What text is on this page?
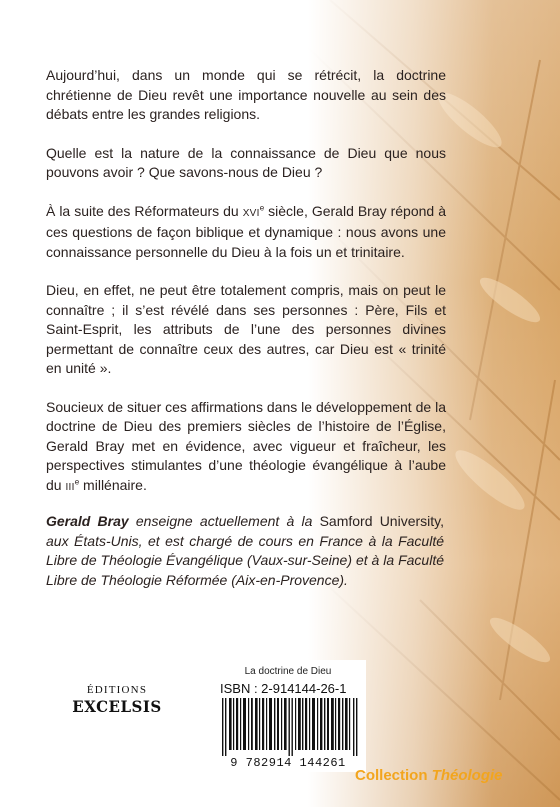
Aujourd’hui, dans un monde qui se rétrécit, la doctrine chrétienne de Dieu revêt une importance nouvelle au sein des débats entre les grandes religions.

Quelle est la nature de la connaissance de Dieu que nous pouvons avoir ? Que savons-nous de Dieu ?

À la suite des Réformateurs du XVIe siècle, Gerald Bray répond à ces questions de façon biblique et dynamique : nous avons une connaissance personnelle du Dieu à la fois un et trinitaire.

Dieu, en effet, ne peut être totalement compris, mais on peut le connaître ; il s’est révélé dans ses personnes : Père, Fils et Saint-Esprit, les attributs de l’une des personnes divines permettant de connaître ceux des autres, car Dieu est « trinité en unité ».

Soucieux de situer ces affirmations dans le développement de la doctrine de Dieu des premiers siècles de l’histoire de l’Église, Gerald Bray met en évidence, avec vigueur et fraîcheur, les perspectives stimulantes d’une théologie évangélique à l’aube du IIIe millénaire.

Gerald Bray enseigne actuellement à la Samford University, aux États-Unis, et est chargé de cours en France à la Faculté Libre de Théologie Évangélique (Vaux-sur-Seine) et à la Faculté Libre de Théologie Réformée (Aix-en-Provence).
ÉDITIONS
EXCELSIS
La doctrine de Dieu
ISBN : 2-914144-26-1
9 782914 144261
Collection Théologie
